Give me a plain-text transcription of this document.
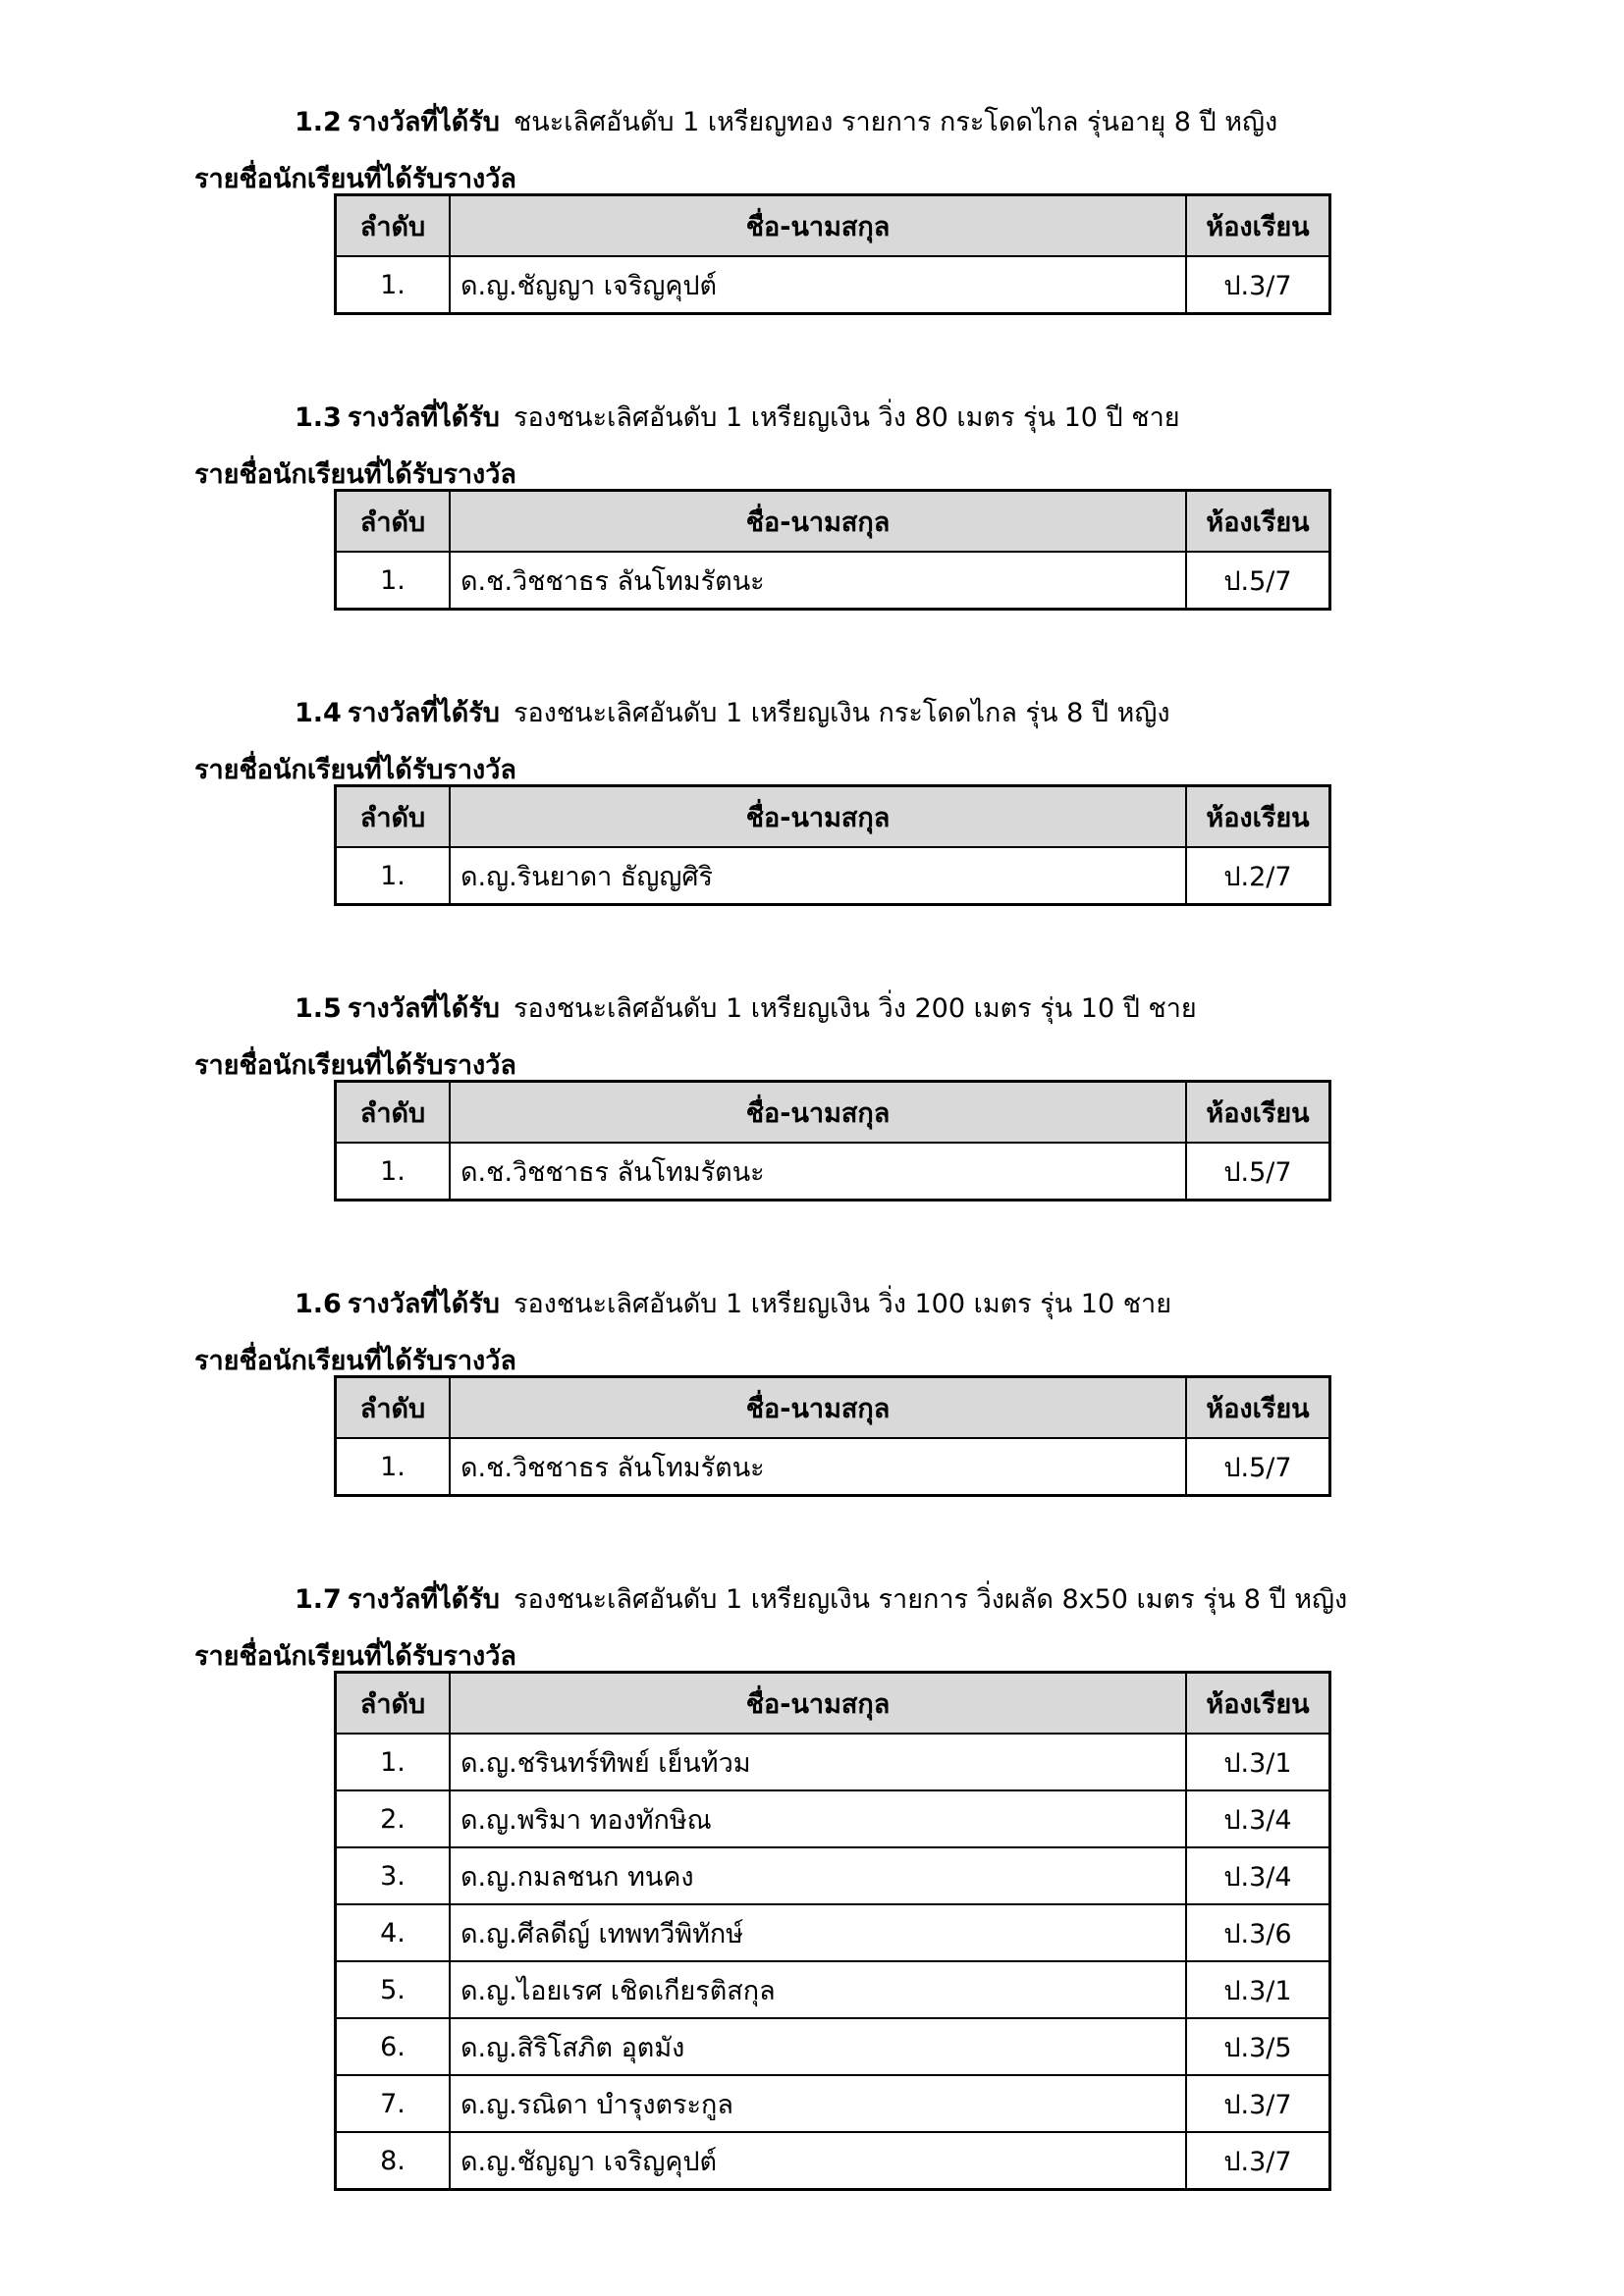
1.2 รางวัลที่ได้รับ ชนะเลิศอันดับ 1 เหรียญทอง รายการ กระโดดไกล รุ่นอายุ 8 ปี หญิง
รายชื่อนักเรียนที่ได้รับรางวัล
ลำดับ	ชื่อ-นามสกุล	ห้องเรียน
1.	ด.ญ.ชัญญา เจริญคุปต์	ป.3/7
1.3 รางวัลที่ได้รับ รองชนะเลิศอันดับ 1 เหรียญเงิน วิ่ง 80 เมตร รุ่น 10 ปี ชาย
รายชื่อนักเรียนที่ได้รับรางวัล
ลำดับ	ชื่อ-นามสกุล	ห้องเรียน
1.	ด.ช.วิชชาธร ลันโทมรัตนะ	ป.5/7
1.4 รางวัลที่ได้รับ รองชนะเลิศอันดับ 1 เหรียญเงิน กระโดดไกล รุ่น 8 ปี หญิง
รายชื่อนักเรียนที่ได้รับรางวัล
ลำดับ	ชื่อ-นามสกุล	ห้องเรียน
1.	ด.ญ.รินยาดา ธัญญศิริ	ป.2/7
1.5 รางวัลที่ได้รับ รองชนะเลิศอันดับ 1 เหรียญเงิน วิ่ง 200 เมตร รุ่น 10 ปี ชาย
รายชื่อนักเรียนที่ได้รับรางวัล
ลำดับ	ชื่อ-นามสกุล	ห้องเรียน
1.	ด.ช.วิชชาธร ลันโทมรัตนะ	ป.5/7
1.6 รางวัลที่ได้รับ รองชนะเลิศอันดับ 1 เหรียญเงิน วิ่ง 100 เมตร รุ่น 10 ชาย
รายชื่อนักเรียนที่ได้รับรางวัล
ลำดับ	ชื่อ-นามสกุล	ห้องเรียน
1.	ด.ช.วิชชาธร ลันโทมรัตนะ	ป.5/7
1.7 รางวัลที่ได้รับ รองชนะเลิศอันดับ 1 เหรียญเงิน รายการ วิ่งผลัด 8x50 เมตร รุ่น 8 ปี หญิง
รายชื่อนักเรียนที่ได้รับรางวัล
ลำดับ	ชื่อ-นามสกุล	ห้องเรียน
1.	ด.ญ.ชรินทร์ทิพย์ เย็นท้วม	ป.3/1
2.	ด.ญ.พริมา ทองทักษิณ	ป.3/4
3.	ด.ญ.กมลชนก ทนคง	ป.3/4
4.	ด.ญ.ศีลดีญ์ เทพทวีพิทักษ์	ป.3/6
5.	ด.ญ.ไอยเรศ เชิดเกียรติสกุล	ป.3/1
6.	ด.ญ.สิริโสภิต อุตมัง	ป.3/5
7.	ด.ญ.รณิดา บำรุงตระกูล	ป.3/7
8.	ด.ญ.ชัญญา เจริญคุปต์	ป.3/7
